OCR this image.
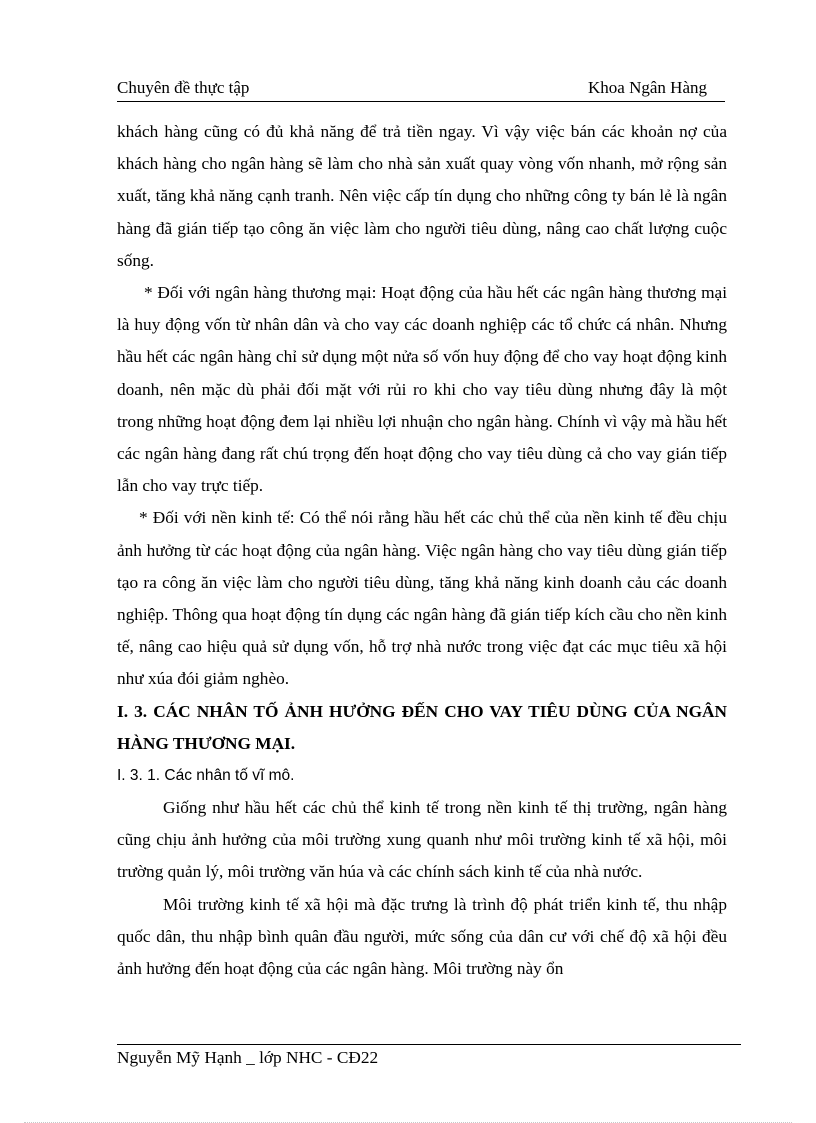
Chuyên đề thực tập	Khoa Ngân Hàng

khách hàng cũng có đủ khả năng để trả tiền ngay. Vì vậy việc bán các khoản nợ của khách hàng cho ngân hàng sẽ làm cho nhà sản xuất quay vòng vốn nhanh, mở rộng sản xuất, tăng khả năng cạnh tranh. Nên việc cấp tín dụng cho những công ty bán lẻ là ngân hàng đã gián tiếp tạo công ăn việc làm cho người tiêu dùng, nâng cao chất lượng cuộc sống.

* Đối với ngân hàng thương mại: Hoạt động của hầu hết các ngân hàng thương mại là huy động vốn từ nhân dân và cho vay các doanh nghiệp các tổ chức cá nhân. Nhưng hầu hết các ngân hàng chỉ sử dụng một nửa số vốn huy động để cho vay hoạt động kinh doanh, nên mặc dù phải đối mặt với rủi ro khi cho vay tiêu dùng nhưng đây là một trong những hoạt động đem lại nhiều lợi nhuận cho ngân hàng. Chính vì vậy mà hầu hết các ngân hàng đang rất chú trọng đến hoạt động cho vay tiêu dùng cả cho vay gián tiếp lẫn cho vay trực tiếp.

* Đối với nền kinh tế: Có thể nói rằng hầu hết các chủ thể của nền kinh tế đều chịu ảnh hưởng từ các hoạt động của ngân hàng. Việc ngân hàng cho vay tiêu dùng gián tiếp tạo ra công ăn việc làm cho người tiêu dùng, tăng khả năng kinh doanh cảu các doanh nghiệp. Thông qua hoạt động tín dụng các ngân hàng đã gián tiếp kích cầu cho nền kinh tế, nâng cao hiệu quả sử dụng vốn, hỗ trợ nhà nước trong việc đạt các mục tiêu xã hội như xúa đói giảm nghèo.

I. 3. CÁC NHÂN TỐ ẢNH HƯỞNG ĐẾN CHO VAY TIÊU DÙNG CỦA NGÂN HÀNG THƯƠNG MẠI.

I. 3. 1. Các nhân tố vĩ mô.

Giống như hầu hết các chủ thể kinh tế trong nền kinh tế thị trường, ngân hàng cũng chịu ảnh hưởng của môi trường xung quanh như môi trường kinh tế xã hội, môi trường quản lý, môi trường văn húa và các chính sách kinh tế của nhà nước.

Môi trường kinh tế xã hội mà đặc trưng là trình độ phát triển kinh tế, thu nhập quốc dân, thu nhập bình quân đầu người, mức sống của dân cư với chế độ xã hội đều ảnh hưởng đến hoạt động của các ngân hàng. Môi trường này ổn

Nguyễn Mỹ Hạnh _ lớp NHC - CĐ22
